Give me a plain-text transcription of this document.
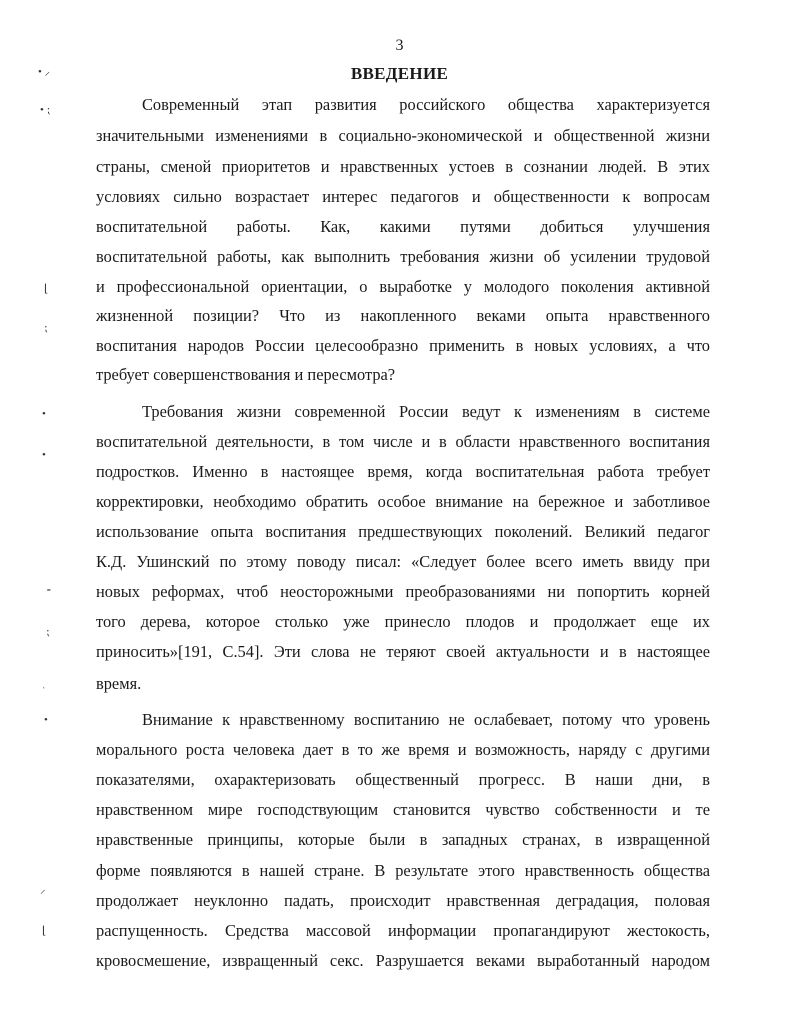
3
ВВЕДЕНИЕ
Современный этап развития российского общества характеризуется
значительными изменениями в социально-экономической и общественной жизни
страны, сменой приоритетов и нравственных устоев в сознании людей. В этих
условиях сильно возрастает интерес педагогов и общественности к вопросам
воспитательной работы. Как, какими путями добиться улучшения
воспитательной работы, как выполнить требования жизни об усилении трудовой
и профессиональной ориентации, о выработке у молодого поколения активной
жизненной позиции? Что из накопленного веками опыта нравственного
воспитания народов России целесообразно применить в новых условиях, а что
требует совершенствования и пересмотра?
Требования жизни современной России ведут к изменениям в системе
воспитательной деятельности, в том числе и в области нравственного воспитания
подростков. Именно в настоящее время, когда воспитательная работа требует
корректировки, необходимо обратить особое внимание на бережное и заботливое
использование опыта воспитания предшествующих поколений. Великий педагог
К.Д. Ушинский по этому поводу писал: «Следует более всего иметь ввиду при
новых реформах, чтоб неосторожными преобразованиями ни попортить корней
того дерева, которое столько уже принесло плодов и продолжает еще их
приносить»[191, С.54]. Эти слова не теряют своей актуальности и в настоящее
время.
Внимание к нравственному воспитанию не ослабевает, потому что уровень
морального роста человека дает в то же время и возможность, наряду с другими
показателями, охарактеризовать общественный прогресс. В наши дни, в
нравственном мире господствующим становится чувство собственности и те
нравственные принципы, которые были в западных странах, в извращенной
форме появляются в нашей стране. В результате этого нравственность общества
продолжает неуклонно падать, происходит нравственная деградация, половая
распущенность. Средства массовой информации пропагандируют жестокость,
кровосмешение, извращенный секс. Разрушается веками выработанный народом
• ⸝
• ⁏
⌊
⁏
•
•
⁃
⁏
ˌ
•
⸝
⌊
